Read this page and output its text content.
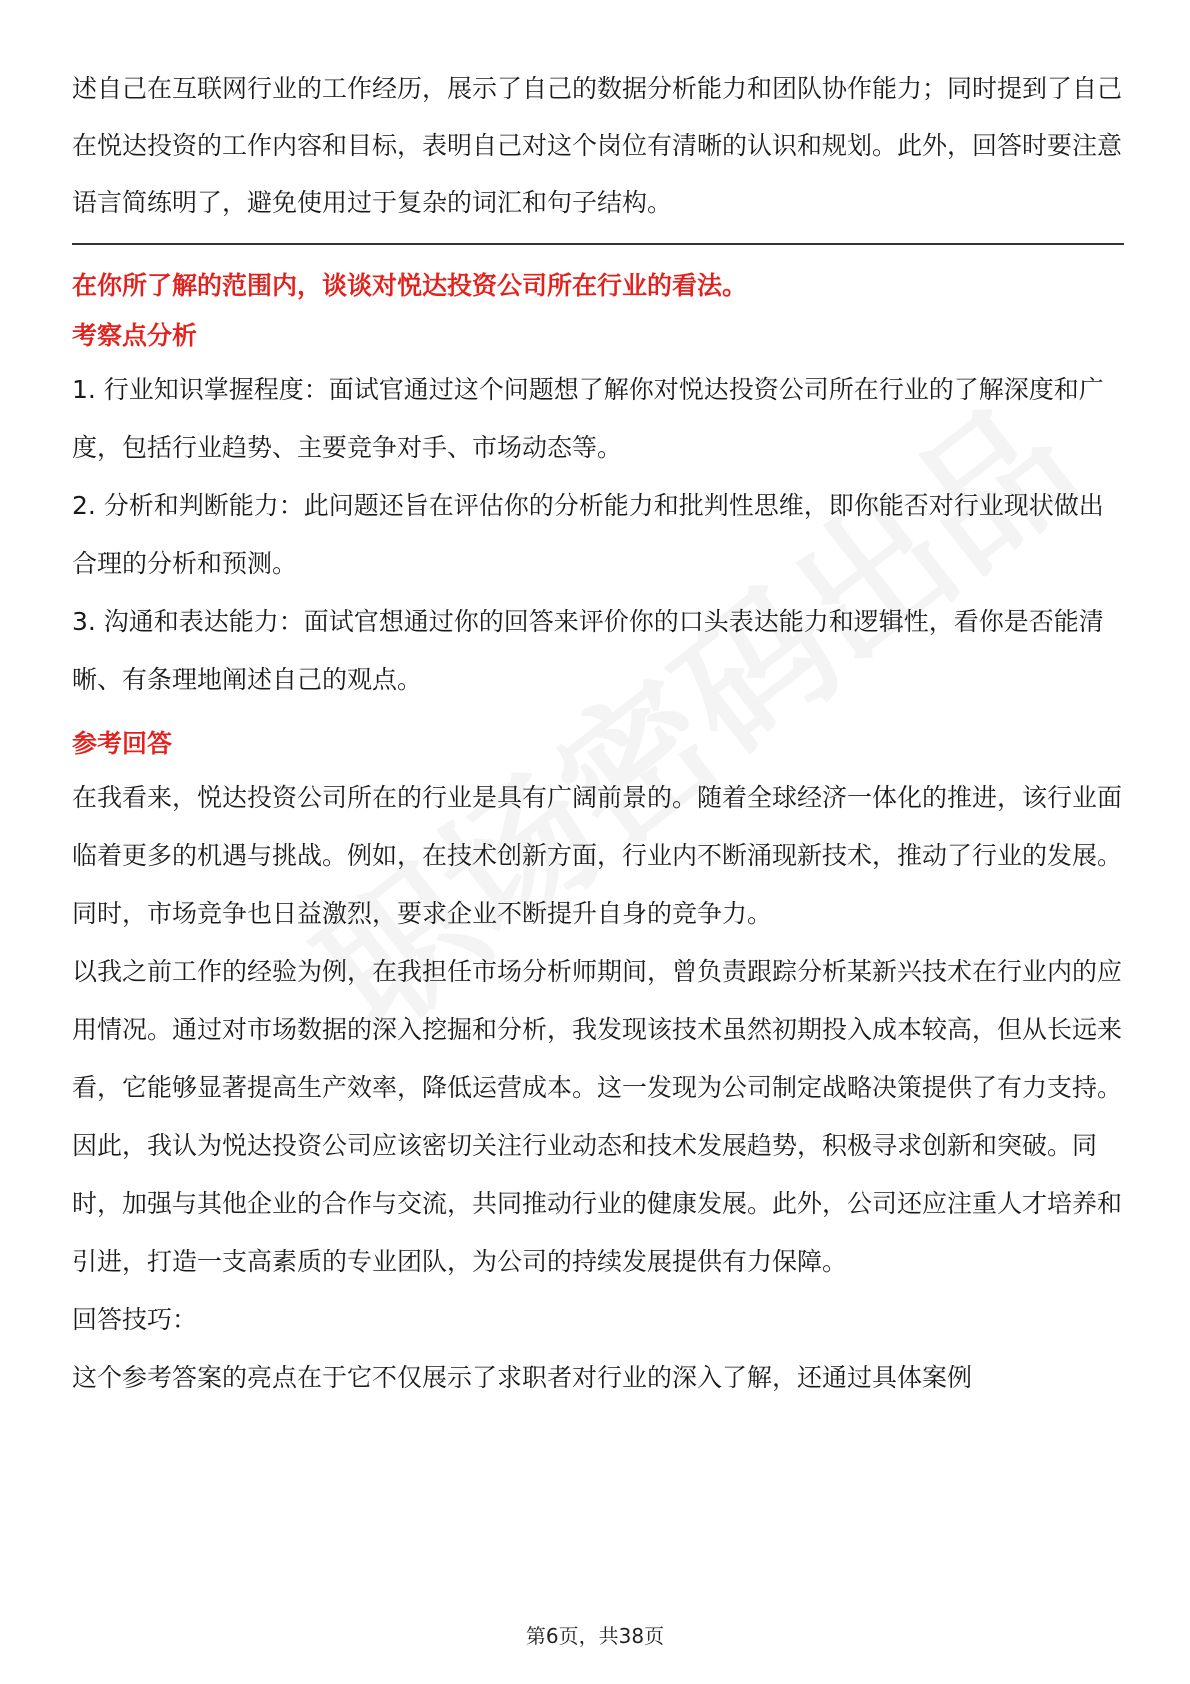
述自己在互联网行业的工作经历，展示了自己的数据分析能力和团队协作能力；同时提到了自己在悦达投资的工作内容和目标，表明自己对这个岗位有清晰的认识和规划。此外，回答时要注意语言简练明了，避免使用过于复杂的词汇和句子结构。

在你所了解的范围内，谈谈对悦达投资公司所在行业的看法。

考察点分析

1. 行业知识掌握程度：面试官通过这个问题想了解你对悦达投资公司所在行业的了解深度和广度，包括行业趋势、主要竞争对手、市场动态等。

2. 分析和判断能力：此问题还旨在评估你的分析能力和批判性思维，即你能否对行业现状做出合理的分析和预测。

3. 沟通和表达能力：面试官想通过你的回答来评价你的口头表达能力和逻辑性，看你是否能清晰、有条理地阐述自己的观点。

参考回答

在我看来，悦达投资公司所在的行业是具有广阔前景的。随着全球经济一体化的推进，该行业面临着更多的机遇与挑战。例如，在技术创新方面，行业内不断涌现新技术，推动了行业的发展。同时，市场竞争也日益激烈，要求企业不断提升自身的竞争力。

以我之前工作的经验为例，在我担任市场分析师期间，曾负责跟踪分析某新兴技术在行业内的应用情况。通过对市场数据的深入挖掘和分析，我发现该技术虽然初期投入成本较高，但从长远来看，它能够显著提高生产效率，降低运营成本。这一发现为公司制定战略决策提供了有力支持。

因此，我认为悦达投资公司应该密切关注行业动态和技术发展趋势，积极寻求创新和突破。同时，加强与其他企业的合作与交流，共同推动行业的健康发展。此外，公司还应注重人才培养和引进，打造一支高素质的专业团队，为公司的持续发展提供有力保障。

回答技巧：

这个参考答案的亮点在于它不仅展示了求职者对行业的深入了解，还通过具体案例

第6页，共38页
